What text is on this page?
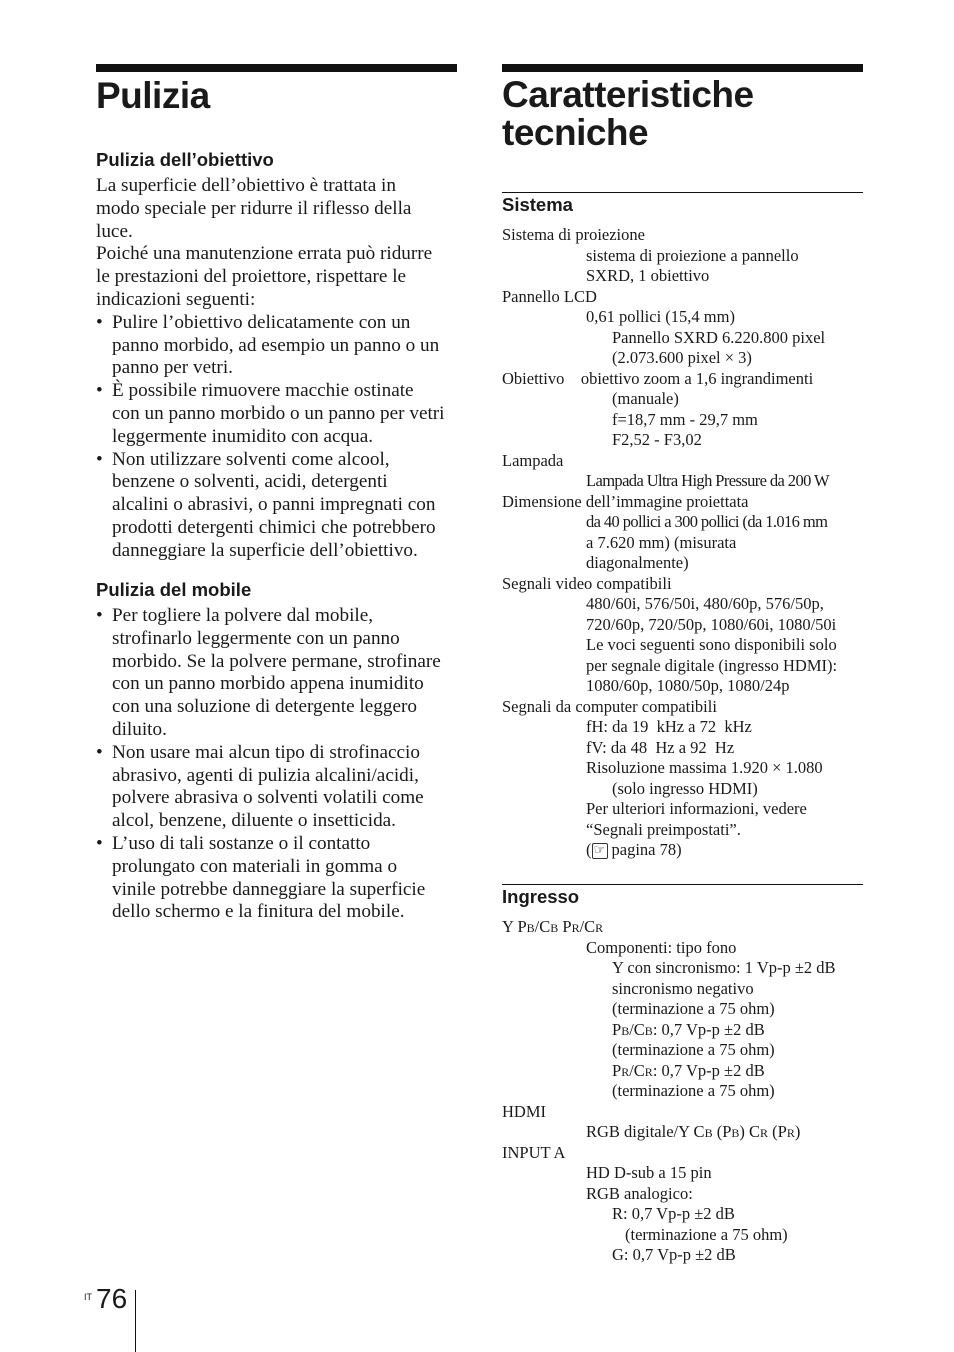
Pulizia
Pulizia dell’obiettivo
La superficie dell’obiettivo è trattata in
modo speciale per ridurre il riflesso della
luce.
Poiché una manutenzione errata può ridurre
le prestazioni del proiettore, rispettare le
indicazioni seguenti:
• Pulire l’obiettivo delicatamente con un
panno morbido, ad esempio un panno o un
panno per vetri.
• È possibile rimuovere macchie ostinate
con un panno morbido o un panno per vetri
leggermente inumidito con acqua.
• Non utilizzare solventi come alcool,
benzene o solventi, acidi, detergenti
alcalini o abrasivi, o panni impregnati con
prodotti detergenti chimici che potrebbero
danneggiare la superficie dell’obiettivo.
Pulizia del mobile
• Per togliere la polvere dal mobile,
strofinarlo leggermente con un panno
morbido. Se la polvere permane, strofinare
con un panno morbido appena inumidito
con una soluzione di detergente leggero
diluito.
• Non usare mai alcun tipo di strofinaccio
abrasivo, agenti di pulizia alcalini/acidi,
polvere abrasiva o solventi volatili come
alcol, benzene, diluente o insetticida.
• L’uso di tali sostanze o il contatto
prolungato con materiali in gomma o
vinile potrebbe danneggiare la superficie
dello schermo e la finitura del mobile.
Caratteristiche
tecniche
Sistema
Sistema di proiezione
sistema di proiezione a pannello
SXRD, 1 obiettivo
Pannello LCD
0,61 pollici (15,4 mm)
Pannello SXRD 6.220.800 pixel
(2.073.600 pixel × 3)
Obiettivo    obiettivo zoom a 1,6 ingrandimenti
(manuale)
f=18,7 mm - 29,7 mm
F2,52 - F3,02
Lampada
Lampada Ultra High Pressure da 200 W
Dimensione dell’immagine proiettata
da 40 pollici a 300 pollici (da 1.016 mm
a 7.620 mm) (misurata
diagonalmente)
Segnali video compatibili
480/60i, 576/50i, 480/60p, 576/50p,
720/60p, 720/50p, 1080/60i, 1080/50i
Le voci seguenti sono disponibili solo
per segnale digitale (ingresso HDMI):
1080/60p, 1080/50p, 1080/24p
Segnali da computer compatibili
fH: da 19  kHz a 72  kHz
fV: da 48  Hz a 92  Hz
Risoluzione massima 1.920 × 1.080
(solo ingresso HDMI)
Per ulteriori informazioni, vedere
“Segnali preimpostati”.
( ☞ pagina 78)
Ingresso
Y PB/CB PR/CR
Componenti: tipo fono
Y con sincronismo: 1 Vp-p ±2 dB
sincronismo negativo
(terminazione a 75 ohm)
PB/CB: 0,7 Vp-p ±2 dB
(terminazione a 75 ohm)
PR/CR: 0,7 Vp-p ±2 dB
(terminazione a 75 ohm)
HDMI
RGB digitale/Y CB (PB) CR (PR)
INPUT A
HD D-sub a 15 pin
RGB analogico:
R: 0,7 Vp-p ±2 dB
(terminazione a 75 ohm)
G: 0,7 Vp-p ±2 dB
IT 76
